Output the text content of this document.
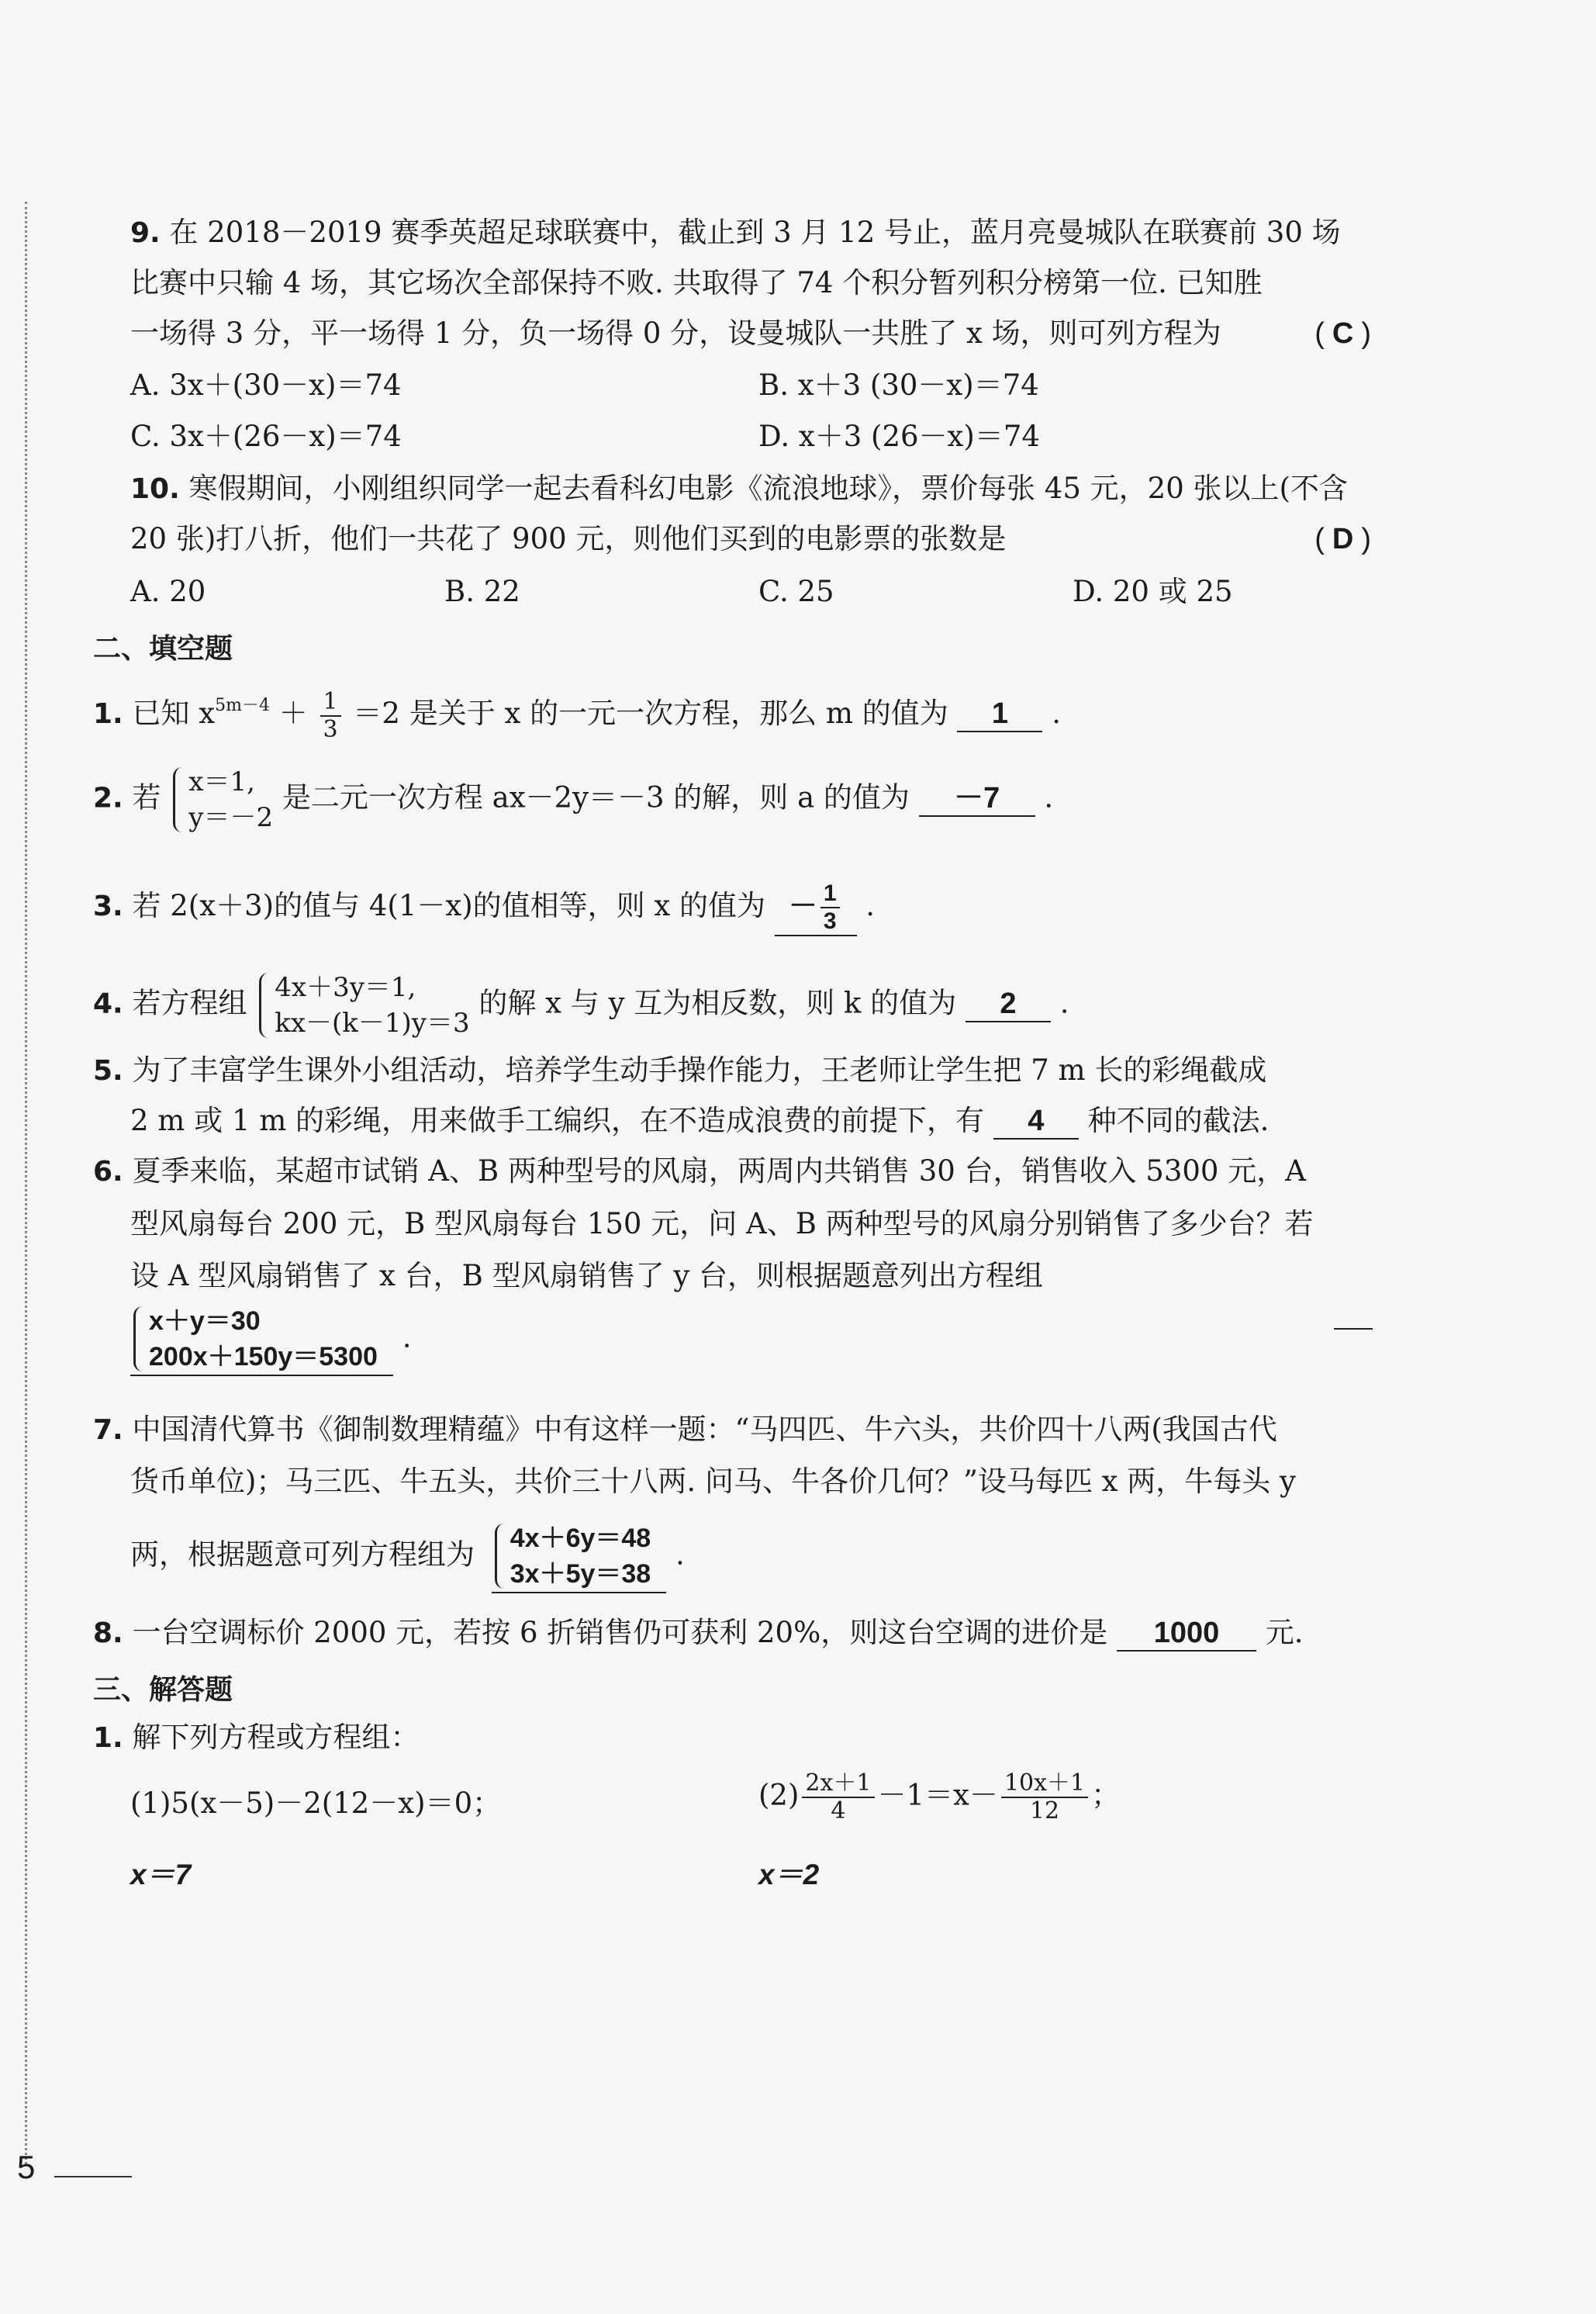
9. 在 2018－2019 赛季英超足球联赛中，截止到 3 月 12 号止，蓝月亮曼城队在联赛前 30 场
比赛中只输 4 场，其它场次全部保持不败. 共取得了 74 个积分暂列积分榜第一位. 已知胜
一场得 3 分，平一场得 1 分，负一场得 0 分，设曼城队一共胜了 x 场，则可列方程为	( C )
A. 3x＋(30－x)＝74	B. x＋3 (30－x)＝74
C. 3x＋(26－x)＝74	D. x＋3 (26－x)＝74
10. 寒假期间，小刚组织同学一起去看科幻电影《流浪地球》，票价每张 45 元，20 张以上(不含
20 张)打八折，他们一共花了 900 元，则他们买到的电影票的张数是	( D )
A. 20	B. 22	C. 25	D. 20 或 25
二、填空题
1. 已知 $x^{5m-4} + \frac{1}{3} =2$ 是关于 x 的一元一次方程，那么 m 的值为 1 .
2. 若 x＝1,
y＝－2
是二元一次方程 ax－2y＝－3 的解，则 a 的值为 －7 .
3. 若 2(x＋3)的值与 4(1－x)的值相等，则 x 的值为 － $\frac{1}{3}$ .
4. 若方程组 4x＋3y＝1,
kx－(k－1)y＝3
的解 x 与 y 互为相反数，则 k 的值为 2 .
5. 为了丰富学生课外小组活动，培养学生动手操作能力，王老师让学生把 7 m 长的彩绳截成
2 m 或 1 m 的彩绳，用来做手工编织，在不造成浪费的前提下，有 4 种不同的截法.
6. 夏季来临，某超市试销 A、B 两种型号的风扇，两周内共销售 30 台，销售收入 5300 元，A
型风扇每台 200 元，B 型风扇每台 150 元，问 A、B 两种型号的风扇分别销售了多少台？若
设 A 型风扇销售了 x 台，B 型风扇销售了 y 台，则根据题意列出方程组
x＋y＝30
200x＋150y＝5300
.
7. 中国清代算书《御制数理精蕴》中有这样一题：“马四匹、牛六头，共价四十八两(我国古代
货币单位)；马三匹、牛五头，共价三十八两. 问马、牛各价几何？”设马每匹 x 两，牛每头 y
两，根据题意可列方程组为 4x＋6y＝48
3x＋5y＝38
.
8. 一台空调标价 2000 元，若按 6 折销售仍可获利 20%，则这台空调的进价是 1000 元.
三、解答题
1. 解下列方程或方程组：
(1)5(x－5)－2(12－x)＝0；	$(2) \frac{2x+1}{4} -1=x- \frac{10x+1}{12}$ ；
x＝7	x＝2
5
